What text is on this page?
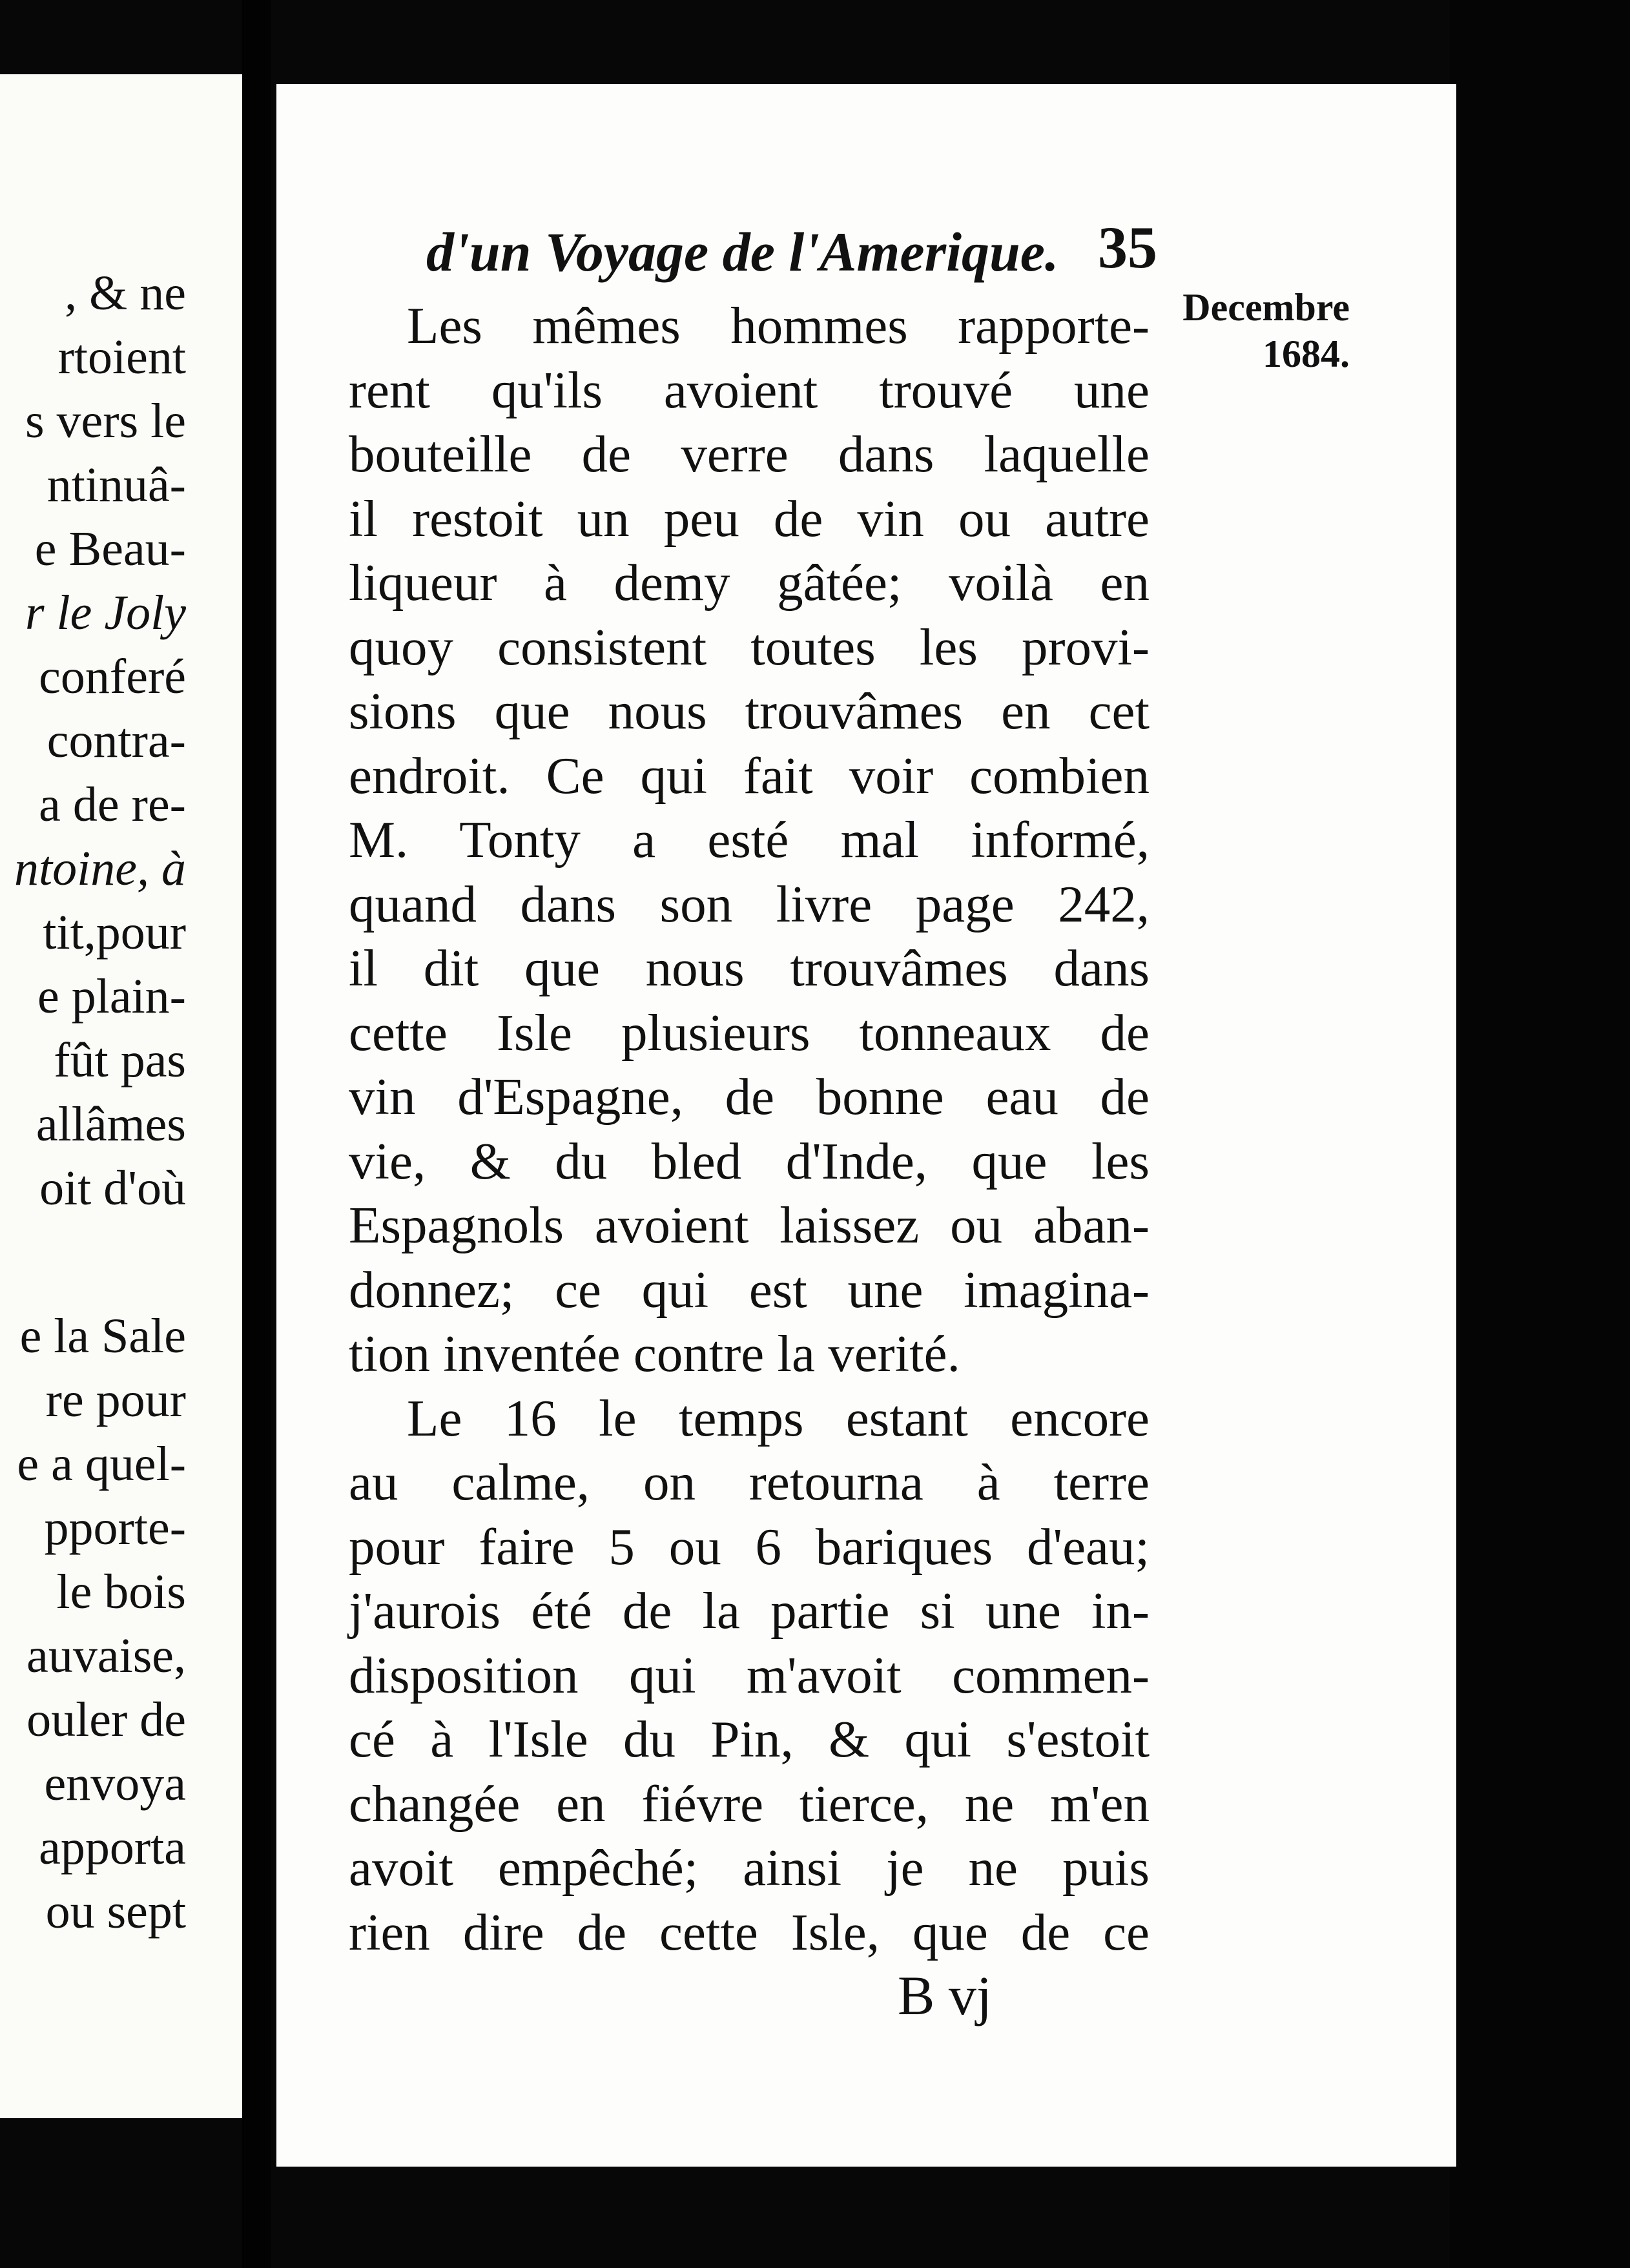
, & ne
rtoient
s vers le
ntinuâ-
e Beau-
r le Joly
conferé
contra-
a de re-
ntoine, à
tit,pour
e plain-
fût pas
allâmes
oit d'où
e la Sale
re pour
e a quel-
pporte-
le bois
auvaise,
ouler de
envoya
apporta
ou sept
d'un Voyage de l'Amerique. 35
Decembre
1684.
Les mêmes hommes rapporte-
rent qu'ils avoient trouvé une
bouteille de verre dans laquelle
il restoit un peu de vin ou autre
liqueur à demy gâtée; voilà en
quoy consistent toutes les provi-
sions que nous trouvâmes en cet
endroit. Ce qui fait voir combien
M. Tonty a esté mal informé,
quand dans son livre page 242,
il dit que nous trouvâmes dans
cette Isle plusieurs tonneaux de
vin d'Espagne, de bonne eau de
vie, & du bled d'Inde, que les
Espagnols avoient laissez ou aban-
donnez; ce qui est une imagina-
tion inventée contre la verité.
Le 16 le temps estant encore
au calme, on retourna à terre
pour faire 5 ou 6 bariques d'eau;
j'aurois été de la partie si une in-
disposition qui m'avoit commen-
cé à l'Isle du Pin, & qui s'estoit
changée en fiévre tierce, ne m'en
avoit empêché; ainsi je ne puis
rien dire de cette Isle, que de ce
B vj
